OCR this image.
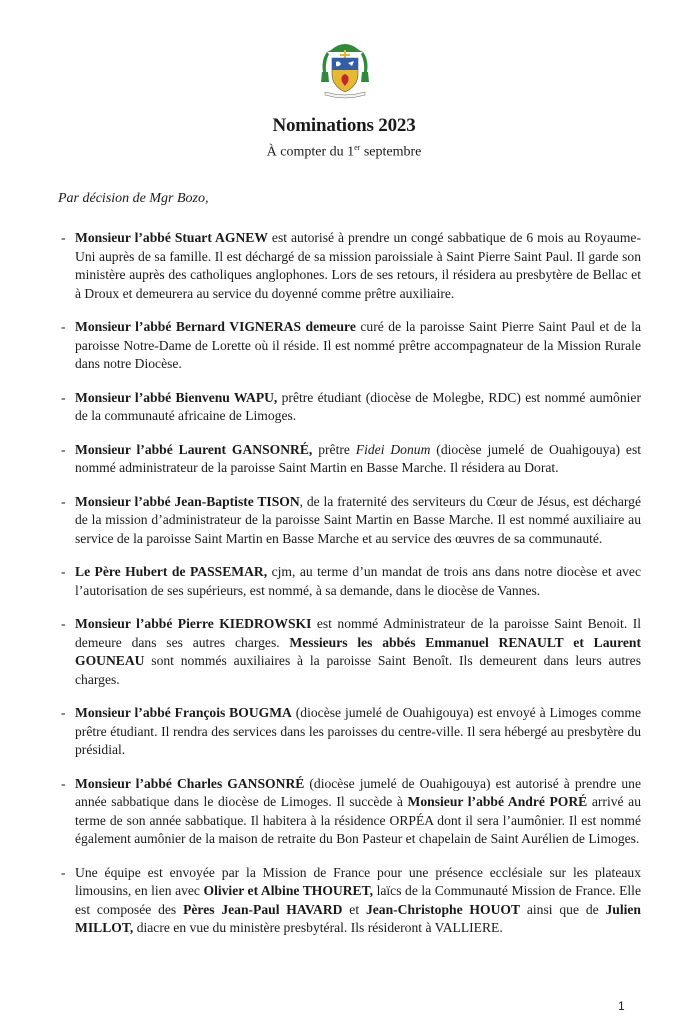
Nominations 2023
À compter du 1er septembre
Par décision de Mgr Bozo,
- Monsieur l’abbé Stuart AGNEW est autorisé à prendre un congé sabbatique de 6 mois au Royaume-Uni auprès de sa famille. Il est déchargé de sa mission paroissiale à Saint Pierre Saint Paul. Il garde son ministère auprès des catholiques anglophones. Lors de ses retours, il résidera au presbytère de Bellac et à Droux et demeurera au service du doyenné comme prêtre auxiliaire.
- Monsieur l’abbé Bernard VIGNERAS demeure curé de la paroisse Saint Pierre Saint Paul et de la paroisse Notre-Dame de Lorette où il réside. Il est nommé prêtre accompagnateur de la Mission Rurale dans notre Diocèse.
- Monsieur l’abbé Bienvenu WAPU, prêtre étudiant (diocèse de Molegbe, RDC) est nommé aumônier de la communauté africaine de Limoges.
- Monsieur l’abbé Laurent GANSONRÉ, prêtre Fidei Donum (diocèse jumelé de Ouahigouya) est nommé administrateur de la paroisse Saint Martin en Basse Marche. Il résidera au Dorat.
- Monsieur l’abbé Jean-Baptiste TISON, de la fraternité des serviteurs du Cœur de Jésus, est déchargé de la mission d’administrateur de la paroisse Saint Martin en Basse Marche. Il est nommé auxiliaire au service de la paroisse Saint Martin en Basse Marche et au service des œuvres de sa communauté.
- Le Père Hubert de PASSEMAR, cjm, au terme d’un mandat de trois ans dans notre diocèse et avec l’autorisation de ses supérieurs, est nommé, à sa demande, dans le diocèse de Vannes.
- Monsieur l’abbé Pierre KIEDROWSKI est nommé Administrateur de la paroisse Saint Benoit. Il demeure dans ses autres charges. Messieurs les abbés Emmanuel RENAULT et Laurent GOUNEAU sont nommés auxiliaires à la paroisse Saint Benoît. Ils demeurent dans leurs autres charges.
- Monsieur l’abbé François BOUGMA (diocèse jumelé de Ouahigouya) est envoyé à Limoges comme prêtre étudiant. Il rendra des services dans les paroisses du centre-ville. Il sera hébergé au presbytère du présidial.
- Monsieur l’abbé Charles GANSONRÉ (diocèse jumelé de Ouahigouya) est autorisé à prendre une année sabbatique dans le diocèse de Limoges. Il succède à Monsieur l’abbé André PORÉ arrivé au terme de son année sabbatique. Il habitera à la résidence ORPÉA dont il sera l’aumônier. Il est nommé également aumônier de la maison de retraite du Bon Pasteur et chapelain de Saint Aurélien de Limoges.
- Une équipe est envoyée par la Mission de France pour une présence ecclésiale sur les plateaux limousins, en lien avec Olivier et Albine THOURET, laïcs de la Communauté Mission de France. Elle est composée des Pères Jean-Paul HAVARD et Jean-Christophe HOUOT ainsi que de Julien MILLOT, diacre en vue du ministère presbytéral. Ils résideront à VALLIERE.
1
